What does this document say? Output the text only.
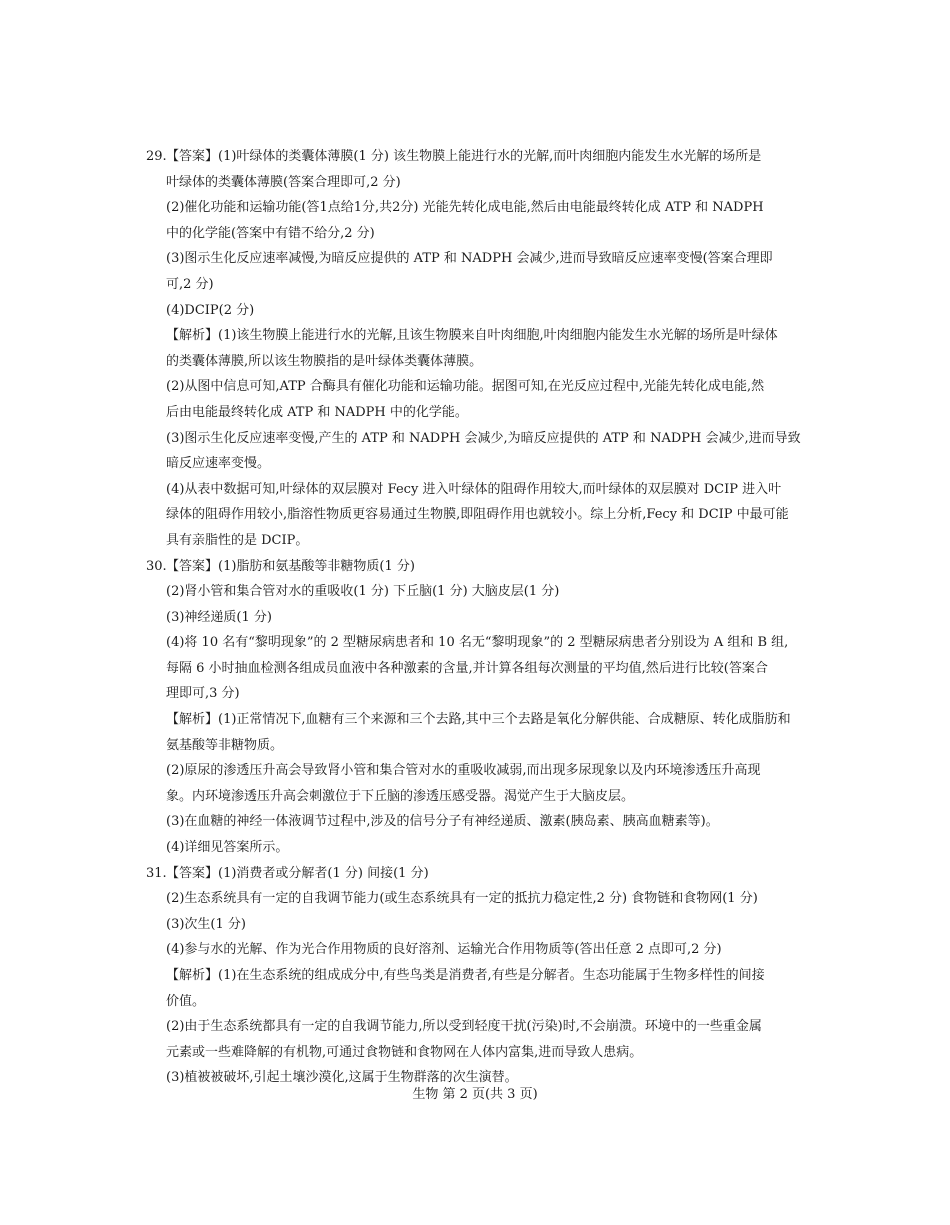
29.【答案】(1)叶绿体的类囊体薄膜(1 分) 该生物膜上能进行水的光解,而叶肉细胞内能发生水光解的场所是
叶绿体的类囊体薄膜(答案合理即可,2 分)
(2)催化功能和运输功能(答1点给1分,共2分) 光能先转化成电能,然后由电能最终转化成 ATP 和 NADPH
中的化学能(答案中有错不给分,2 分)
(3)图示生化反应速率减慢,为暗反应提供的 ATP 和 NADPH 会减少,进而导致暗反应速率变慢(答案合理即
可,2 分)
(4)DCIP(2 分)
【解析】(1)该生物膜上能进行水的光解,且该生物膜来自叶肉细胞,叶肉细胞内能发生水光解的场所是叶绿体
的类囊体薄膜,所以该生物膜指的是叶绿体类囊体薄膜。
(2)从图中信息可知,ATP 合酶具有催化功能和运输功能。据图可知,在光反应过程中,光能先转化成电能,然
后由电能最终转化成 ATP 和 NADPH 中的化学能。
(3)图示生化反应速率变慢,产生的 ATP 和 NADPH 会减少,为暗反应提供的 ATP 和 NADPH 会减少,进而导致
暗反应速率变慢。
(4)从表中数据可知,叶绿体的双层膜对 Fecy 进入叶绿体的阻碍作用较大,而叶绿体的双层膜对 DCIP 进入叶
绿体的阻碍作用较小,脂溶性物质更容易通过生物膜,即阻碍作用也就较小。综上分析,Fecy 和 DCIP 中最可能
具有亲脂性的是 DCIP。
30.【答案】(1)脂肪和氨基酸等非糖物质(1 分)
(2)肾小管和集合管对水的重吸收(1 分) 下丘脑(1 分) 大脑皮层(1 分)
(3)神经递质(1 分)
(4)将 10 名有“黎明现象”的 2 型糖尿病患者和 10 名无“黎明现象”的 2 型糖尿病患者分别设为 A 组和 B 组,
每隔 6 小时抽血检测各组成员血液中各种激素的含量,并计算各组每次测量的平均值,然后进行比较(答案合
理即可,3 分)
【解析】(1)正常情况下,血糖有三个来源和三个去路,其中三个去路是氧化分解供能、合成糖原、转化成脂肪和
氨基酸等非糖物质。
(2)原尿的渗透压升高会导致肾小管和集合管对水的重吸收减弱,而出现多尿现象以及内环境渗透压升高现
象。内环境渗透压升高会刺激位于下丘脑的渗透压感受器。渴觉产生于大脑皮层。
(3)在血糖的神经一体液调节过程中,涉及的信号分子有神经递质、激素(胰岛素、胰高血糖素等)。
(4)详细见答案所示。
31.【答案】(1)消费者或分解者(1 分) 间接(1 分)
(2)生态系统具有一定的自我调节能力(或生态系统具有一定的抵抗力稳定性,2 分) 食物链和食物网(1 分)
(3)次生(1 分)
(4)参与水的光解、作为光合作用物质的良好溶剂、运输光合作用物质等(答出任意 2 点即可,2 分)
【解析】(1)在生态系统的组成成分中,有些鸟类是消费者,有些是分解者。生态功能属于生物多样性的间接
价值。
(2)由于生态系统都具有一定的自我调节能力,所以受到轻度干扰(污染)时,不会崩溃。环境中的一些重金属
元素或一些难降解的有机物,可通过食物链和食物网在人体内富集,进而导致人患病。
(3)植被被破坏,引起土壤沙漠化,这属于生物群落的次生演替。
生物 第 2 页(共 3 页)
